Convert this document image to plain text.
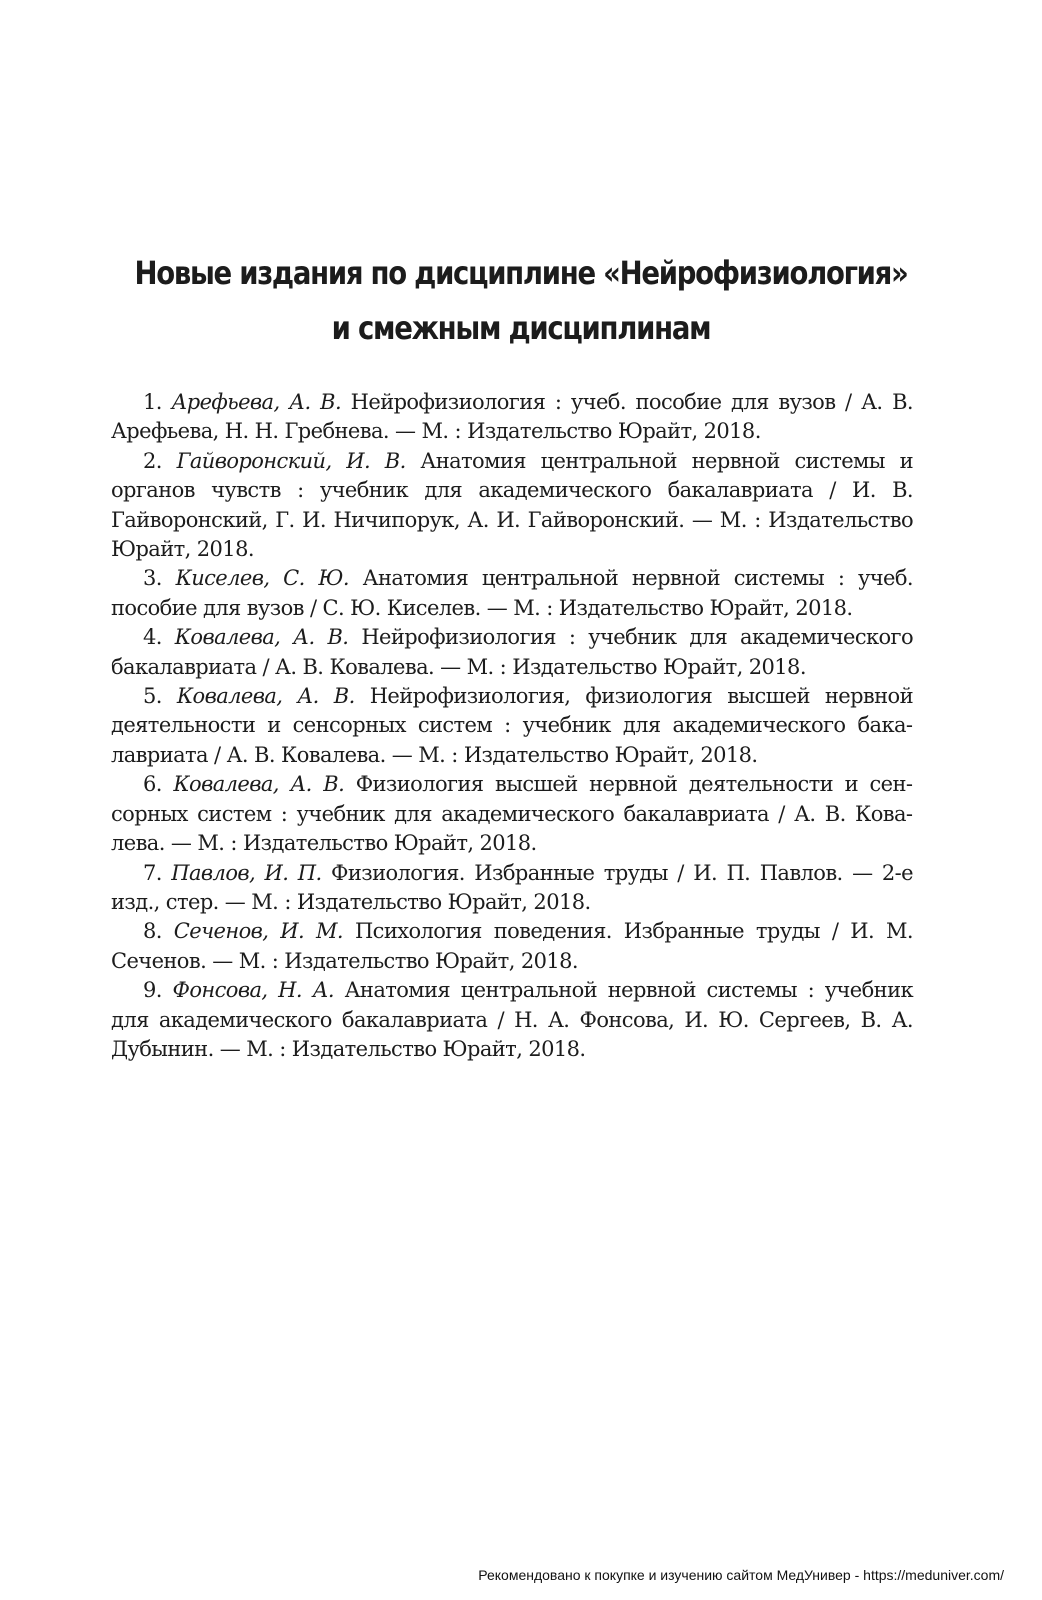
Новые издания по дисциплине «Нейрофизиология»
и смежным дисциплинам
1. Арефьева, А. В. Нейрофизиология : учеб. пособие для вузов / А. В. Арефьева, Н. Н. Гребнева. — М. : Издательство Юрайт, 2018.
2. Гайворонский, И. В. Анатомия центральной нервной системы и органов чувств : учебник для академического бакалавриата / И. В. Гайворонский, Г. И. Ничипорук, А. И. Гайворонский. — М. : Издательство Юрайт, 2018.
3. Киселев, С. Ю. Анатомия центральной нервной системы : учеб. пособие для вузов / С. Ю. Киселев. — М. : Издательство Юрайт, 2018.
4. Ковалева, А. В. Нейрофизиология : учебник для академического бакалавриата / А. В. Ковалева. — М. : Издательство Юрайт, 2018.
5. Ковалева, А. В. Нейрофизиология, физиология высшей нервной деятельности и сенсорных систем : учебник для академического бакалавриата / А. В. Ковалева. — М. : Издательство Юрайт, 2018.
6. Ковалева, А. В. Физиология высшей нервной деятельности и сенсорных систем : учебник для академического бакалавриата / А. В. Ковалева. — М. : Издательство Юрайт, 2018.
7. Павлов, И. П. Физиология. Избранные труды / И. П. Павлов. — 2-е изд., стер. — М. : Издательство Юрайт, 2018.
8. Сеченов, И. М. Психология поведения. Избранные труды / И. М. Сеченов. — М. : Издательство Юрайт, 2018.
9. Фонсова, Н. А. Анатомия центральной нервной системы : учебник для академического бакалавриата / Н. А. Фонсова, И. Ю. Сергеев, В. А. Дубынин. — М. : Издательство Юрайт, 2018.
Рекомендовано к покупке и изучению сайтом МедУнивер - https://meduniver.com/
